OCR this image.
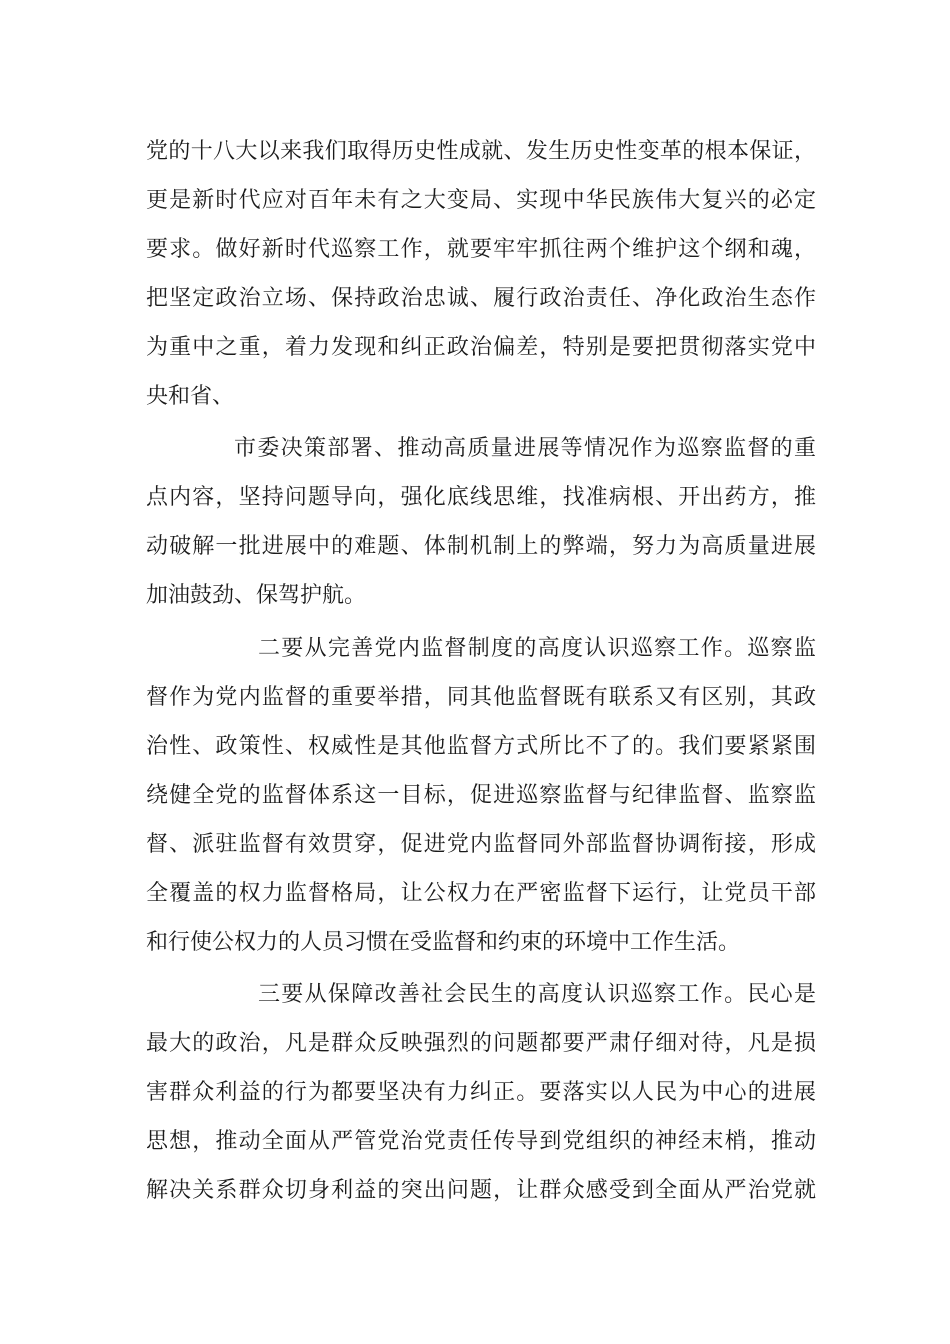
党的十八大以来我们取得历史性成就、发生历史性变革的根本保证，
更是新时代应对百年未有之大变局、实现中华民族伟大复兴的必定
要求。做好新时代巡察工作，就要牢牢抓往两个维护这个纲和魂，
把坚定政治立场、保持政治忠诚、履行政治责任、净化政治生态作
为重中之重，着力发现和纠正政治偏差，特别是要把贯彻落实党中
央和省、
市委决策部署、推动高质量进展等情况作为巡察监督的重
点内容，坚持问题导向，强化底线思维，找准病根、开出药方，推
动破解一批进展中的难题、体制机制上的弊端，努力为高质量进展
加油鼓劲、保驾护航。
二要从完善党内监督制度的高度认识巡察工作。巡察监
督作为党内监督的重要举措，同其他监督既有联系又有区别，其政
治性、政策性、权威性是其他监督方式所比不了的。我们要紧紧围
绕健全党的监督体系这一目标，促进巡察监督与纪律监督、监察监
督、派驻监督有效贯穿，促进党内监督同外部监督协调衔接，形成
全覆盖的权力监督格局，让公权力在严密监督下运行，让党员干部
和行使公权力的人员习惯在受监督和约束的环境中工作生活。
三要从保障改善社会民生的高度认识巡察工作。民心是
最大的政治，凡是群众反映强烈的问题都要严肃仔细对待，凡是损
害群众利益的行为都要坚决有力纠正。要落实以人民为中心的进展
思想，推动全面从严管党治党责任传导到党组织的神经末梢，推动
解决关系群众切身利益的突出问题，让群众感受到全面从严治党就
